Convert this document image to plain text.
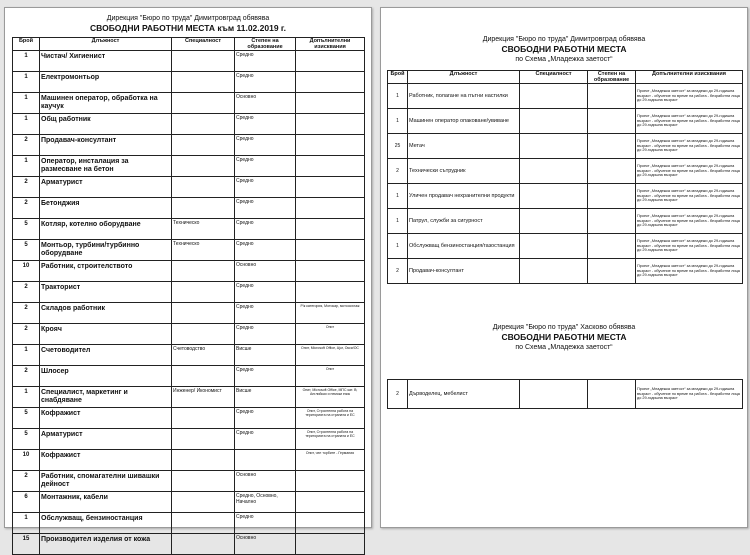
Дирекция "Бюро по труда" Димитровград обявява
СВОБОДНИ РАБОТНИ МЕСТА към 11.02.2019 г.
Брой	Длъжност	Специалност	Степен на образование	Допълнителни изисквания
1	Чистач/ Хигиенист		Средно	
1	Електромонтьор		Средно	
1	Машинен оператор, обработка на каучук		Основно	
1	Общ работник		Средно	
2	Продавач-консултант		Средно	
1	Оператор, инсталация за размесване на бетон		Средно	
2	Арматурист		Средно	
2	Бетонджия		Средно	
5	Котляр, котелно оборудване	Техническо	Средно	
5	Монтьор, турбини/турбинно оборудване	Техническо	Средно	
10	Работник, строителството		Основно	
2	Тракторист		Средно	
2	Складов работник		Средно	Р/к категория, Мотокар, мотоосхлаж
2	Крояч		Средно	Опит
1	Счетоводител	Счетоводство	Висше	Опит, Microsoft Office, Ajur, Окси/ОС
2	Шлосер		Средно	Опит
1	Специалист, маркетинг и снабдяване	Инженер/ Икономист	Висше	Опит, Microsoft Office, МПС кат. В; Английски и немски език
5	Кофражист		Средно	Опит, Строителна работа на територията на страната и ЕС
5	Арматурист		Средно	Опит, Строителна работа на територията на страната и ЕС
10	Кофражист			Опит, чел торбите - Германия
2	Работник, спомагателни шивашки дейност		Основно	
6	Монтажник, кабели		Средно, Основно, Начално	
1	Обслужващ, бензиностанция		Средно	
15	Производител изделия от кожа		Основно	
Дирекция "Бюро по труда" Димитровград обявява
СВОБОДНИ РАБОТНИ МЕСТА
по Схема „Младежка заетост“
Брой	Длъжност	Специалност	Степен на образование	Допълнителни изисквания
1	Работник, полагане на пътни настилки			Проект „Младежка заетост“ за младежи до 29-годишна възраст - обучение по време на работа - безработни лица до 29-годишна възраст
1	Машинен оператор опаковане/увиване			Проект „Младежка заетост“ за младежи до 29-годишна възраст - обучение по време на работа - безработни лица до 29-годишна възраст
25	Метач			Проект „Младежка заетост“ за младежи до 29-годишна възраст - обучение по време на работа - безработни лица до 29-годишна възраст
2	Технически сътрудник			Проект „Младежка заетост“ за младежи до 29-годишна възраст - обучение по време на работа - безработни лица до 29-годишна възраст
1	Уличен продавач нехранителни продукти			Проект „Младежка заетост“ за младежи до 29-годишна възраст - обучение по време на работа - безработни лица до 29-годишна възраст
1	Патрул, служби за сигурност			Проект „Младежка заетост“ за младежи до 29-годишна възраст - обучение по време на работа - безработни лица до 29-годишна възраст
1	Обслужващ бензиностанция/газостанция			Проект „Младежка заетост“ за младежи до 29-годишна възраст - обучение по време на работа - безработни лица до 29-годишна възраст
2	Продавач-консултант			Проект „Младежка заетост“ за младежи до 29-годишна възраст - обучение по време на работа - безработни лица до 29-годишна възраст
Дирекция "Бюро по труда" Хасково обявява
СВОБОДНИ РАБОТНИ МЕСТА
по Схема „Младежка заетост“
2	Дърводелец, мебелист			Проект „Младежка заетост“ за младежи до 29-годишна възраст - обучение по време на работа - безработни лица до 29-годишна възраст
